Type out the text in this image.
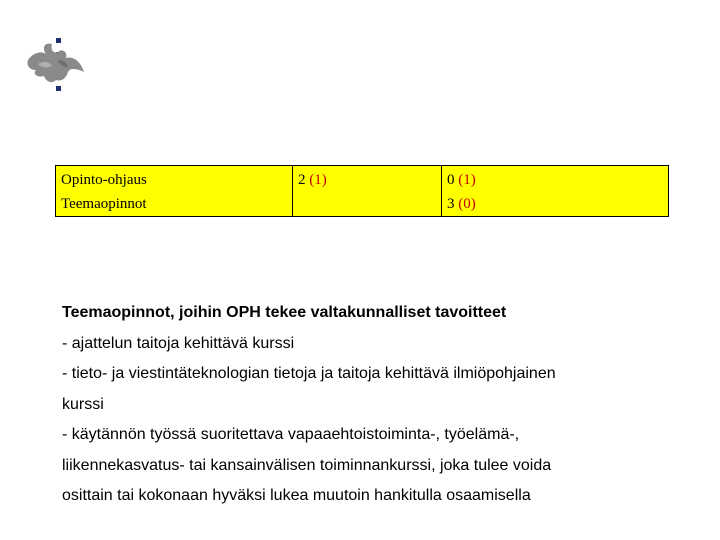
Opinto-ohjaus	2 (1)	0 (1)
Teemaopinnot		3 (0)
Teemaopinnot, joihin OPH tekee valtakunnalliset tavoitteet
- ajattelun taitoja kehittävä kurssi
- tieto- ja viestintäteknologian tietoja ja taitoja kehittävä ilmiöpohjainen
kurssi
- käytännön työssä suoritettava vapaaehtoistoiminta-, työelämä-,
liikennekasvatus- tai kansainvälisen toiminnankurssi, joka tulee voida
osittain tai kokonaan hyväksi lukea muutoin hankitulla osaamisella
